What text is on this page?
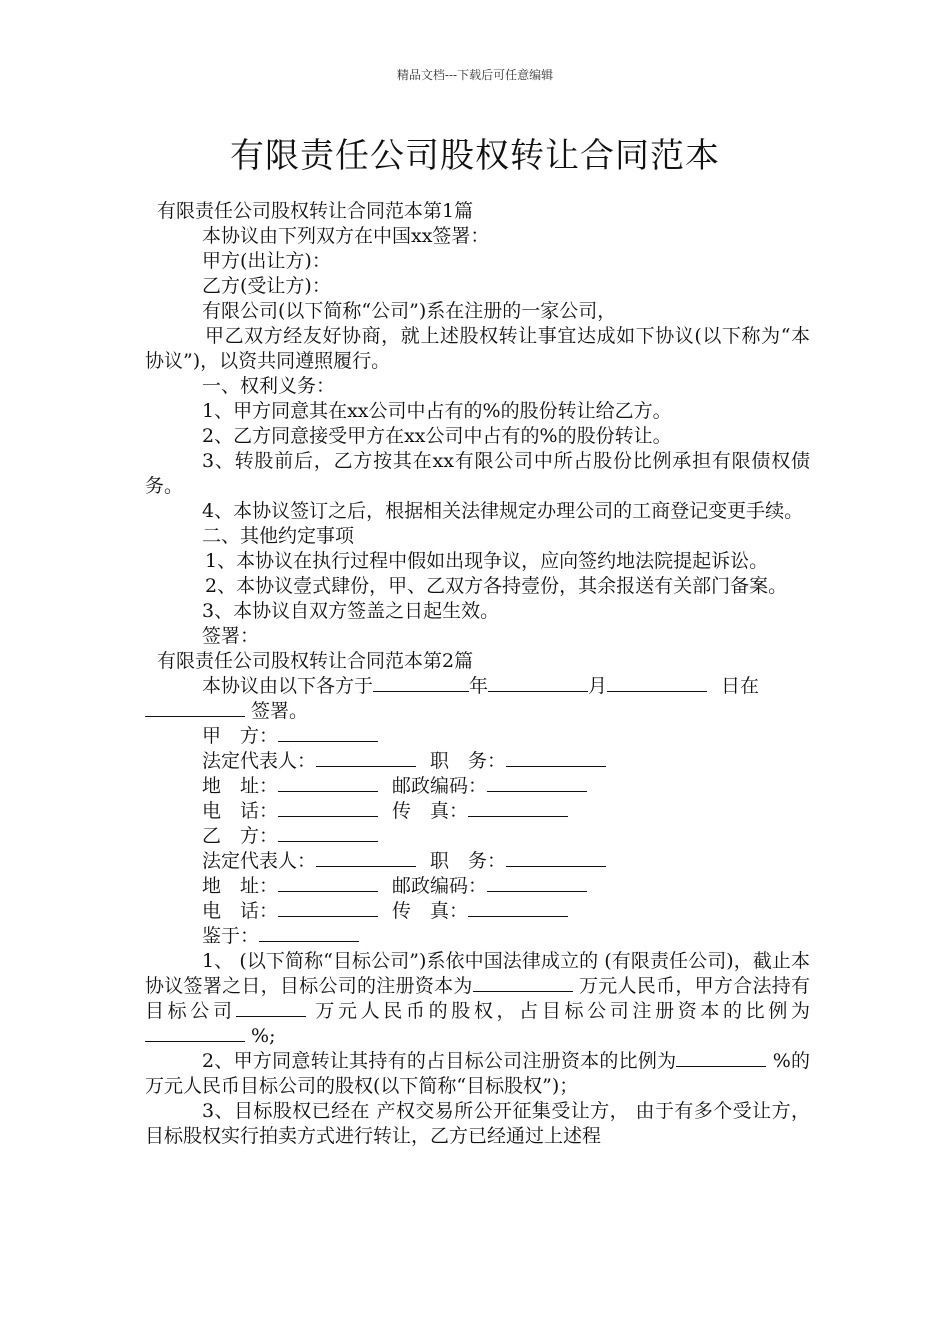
精品文档---下载后可任意编辑
有限责任公司股权转让合同范本

有限责任公司股权转让合同范本第1篇

本协议由下列双方在中国xx签署：

甲方(出让方)：

乙方(受让方)：

有限公司(以下简称“公司”)系在注册的一家公司，

甲乙双方经友好协商，就上述股权转让事宜达成如下协议(以下称为“本协议”)，以资共同遵照履行。

一、权利义务：

1、甲方同意其在xx公司中占有的%的股份转让给乙方。

2、乙方同意接受甲方在xx公司中占有的%的股份转让。

3、转股前后，乙方按其在xx有限公司中所占股份比例承担有限债权债务。

4、本协议签订之后，根据相关法律规定办理公司的工商登记变更手续。

二、其他约定事项

1、本协议在执行过程中假如出现争议，应向签约地法院提起诉讼。

2、本协议壹式肆份，甲、乙双方各持壹份，其余报送有关部门备案。

3、本协议自双方签盖之日起生效。

签署：

有限责任公司股权转让合同范本第2篇

本协议由以下各方于	年	月	日在

签署。

甲　方：

法定代表人：	职　务：

地　址：	邮政编码：

电　话：	传　真：

乙　方：

法定代表人：	职　务：

地　址：	邮政编码：

电　话：	传　真：

鉴于：

1、 (以下简称“目标公司”)系依中国法律成立的 (有限责任公司)，截止本协议签署之日，目标公司的注册资本为	万元人民币，甲方合法持有目标公司	万元人民币的股权，占目标公司注册资本的比例为 %;

2、甲方同意转让其持有的占目标公司注册资本的比例为	%的 万元人民币目标公司的股权(以下简称“目标股权”)；

3、目标股权已经在 产权交易所公开征集受让方， 由于有多个受让方，目标股权实行拍卖方式进行转让，乙方已经通过上述程
